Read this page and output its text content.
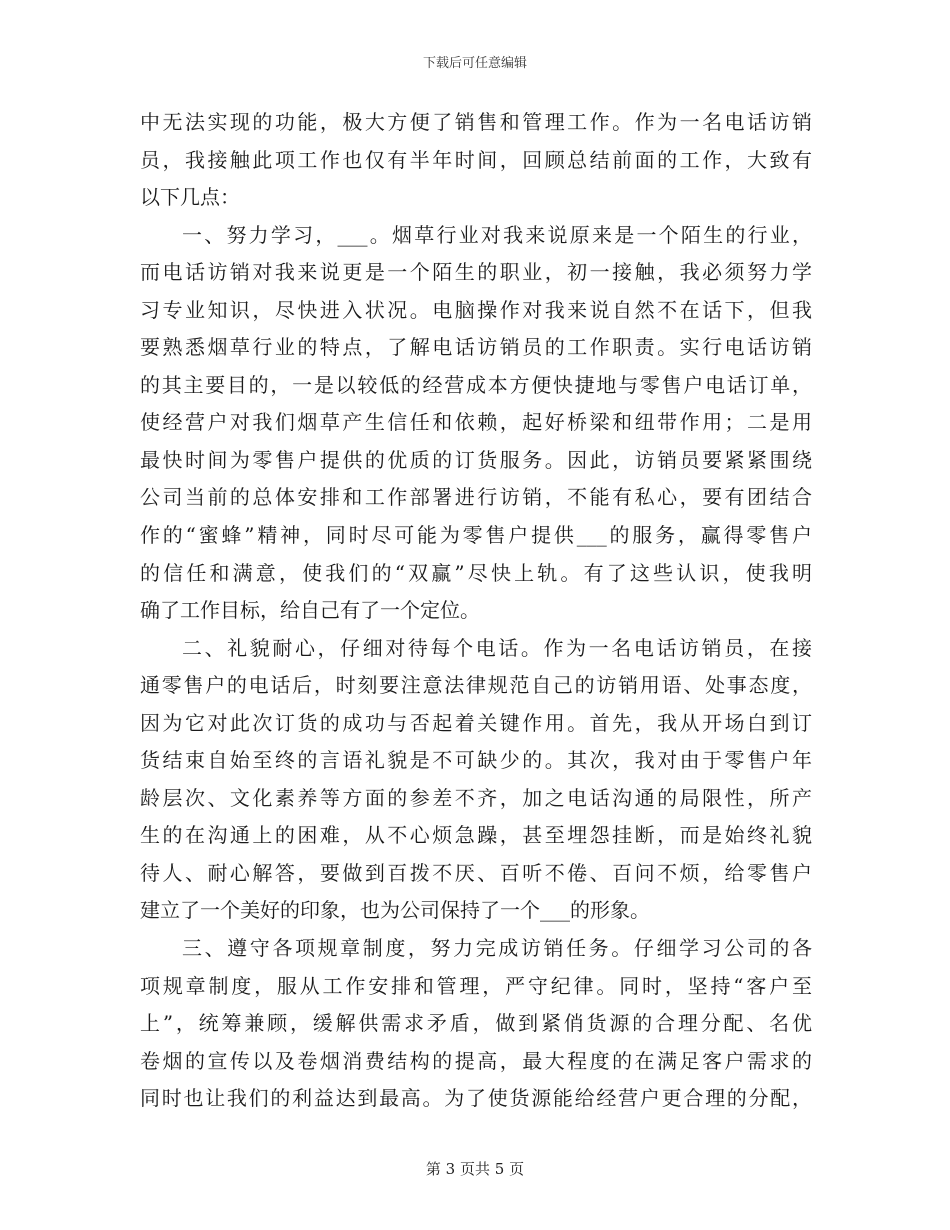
下载后可任意编辑
中无法实现的功能，极大方便了销售和管理工作。作为一名电话访销
员，我接触此项工作也仅有半年时间，回顾总结前面的工作，大致有
以下几点：
一、努力学习，___。烟草行业对我来说原来是一个陌生的行业，
而电话访销对我来说更是一个陌生的职业，初一接触，我必须努力学
习专业知识，尽快进入状况。电脑操作对我来说自然不在话下，但我
要熟悉烟草行业的特点，了解电话访销员的工作职责。实行电话访销
的其主要目的，一是以较低的经营成本方便快捷地与零售户电话订单，
使经营户对我们烟草产生信任和依赖，起好桥梁和纽带作用；二是用
最快时间为零售户提供的优质的订货服务。因此，访销员要紧紧围绕
公司当前的总体安排和工作部署进行访销，不能有私心，要有团结合
作的“蜜蜂”精神，同时尽可能为零售户提供___的服务，赢得零售户
的信任和满意，使我们的“双赢”尽快上轨。有了这些认识，使我明
确了工作目标，给自己有了一个定位。
二、礼貌耐心，仔细对待每个电话。作为一名电话访销员，在接
通零售户的电话后，时刻要注意法律规范自己的访销用语、处事态度，
因为它对此次订货的成功与否起着关键作用。首先，我从开场白到订
货结束自始至终的言语礼貌是不可缺少的。其次，我对由于零售户年
龄层次、文化素养等方面的参差不齐，加之电话沟通的局限性，所产
生的在沟通上的困难，从不心烦急躁，甚至埋怨挂断，而是始终礼貌
待人、耐心解答，要做到百拨不厌、百听不倦、百问不烦，给零售户
建立了一个美好的印象，也为公司保持了一个___的形象。
三、遵守各项规章制度，努力完成访销任务。仔细学习公司的各
项规章制度，服从工作安排和管理，严守纪律。同时，坚持“客户至
上”，统筹兼顾，缓解供需求矛盾，做到紧俏货源的合理分配、名优
卷烟的宣传以及卷烟消费结构的提高，最大程度的在满足客户需求的
同时也让我们的利益达到最高。为了使货源能给经营户更合理的分配，
第 3 页共 5 页
